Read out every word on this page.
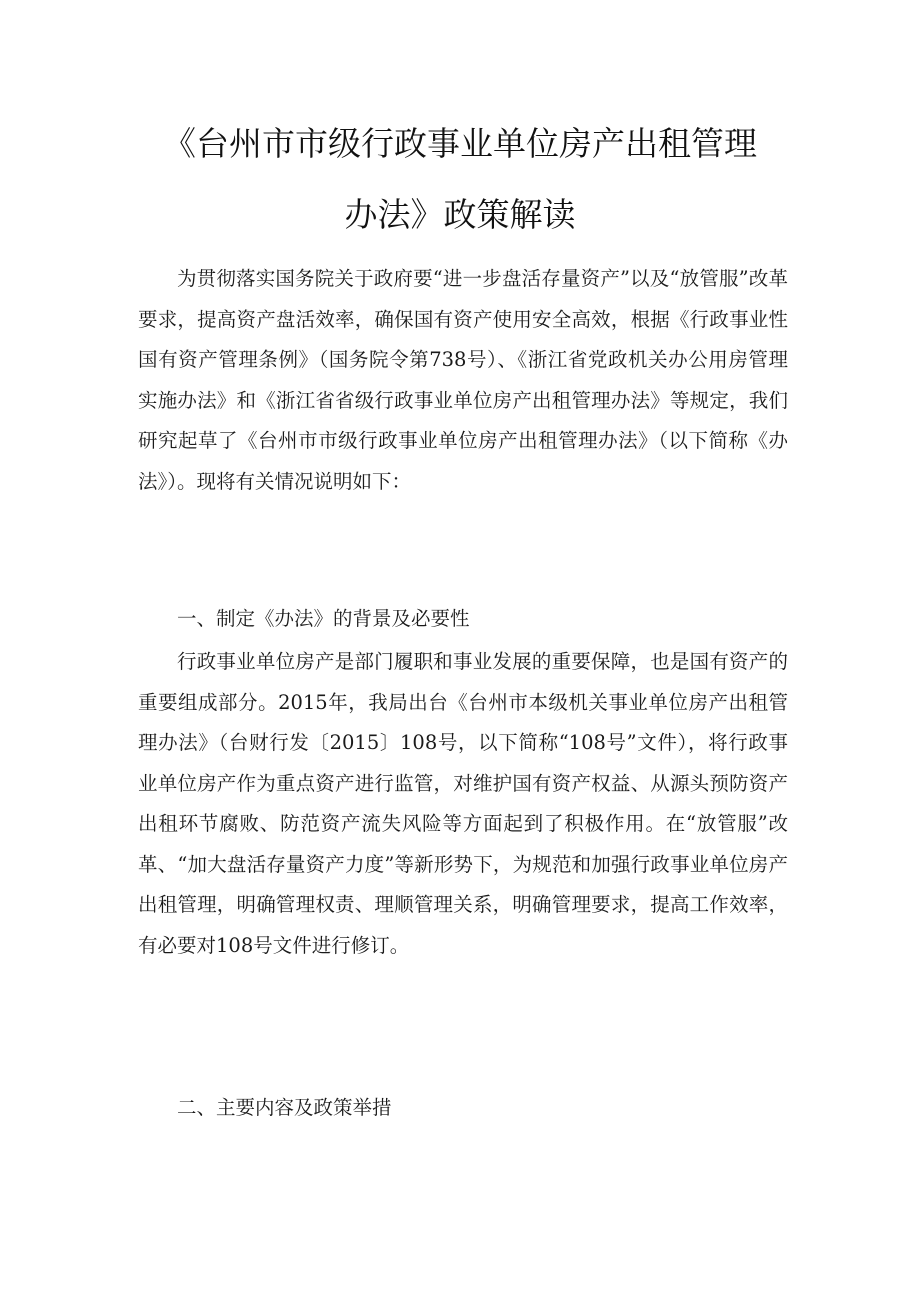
《台州市市级行政事业单位房产出租管理
办法》政策解读

为贯彻落实国务院关于政府要“进一步盘活存量资产”以及“放管服”改革要求，提高资产盘活效率，确保国有资产使用安全高效，根据《行政事业性国有资产管理条例》（国务院令第738号）、《浙江省党政机关办公用房管理实施办法》和《浙江省省级行政事业单位房产出租管理办法》等规定，我们研究起草了《台州市市级行政事业单位房产出租管理办法》（以下简称《办法》）。现将有关情况说明如下：

一、制定《办法》的背景及必要性

行政事业单位房产是部门履职和事业发展的重要保障，也是国有资产的重要组成部分。2015年，我局出台《台州市本级机关事业单位房产出租管理办法》（台财行发〔2015〕108号，以下简称“108号”文件），将行政事业单位房产作为重点资产进行监管，对维护国有资产权益、从源头预防资产出租环节腐败、防范资产流失风险等方面起到了积极作用。在“放管服”改革、“加大盘活存量资产力度”等新形势下，为规范和加强行政事业单位房产出租管理，明确管理权责、理顺管理关系，明确管理要求，提高工作效率，有必要对108号文件进行修订。

二、主要内容及政策举措
